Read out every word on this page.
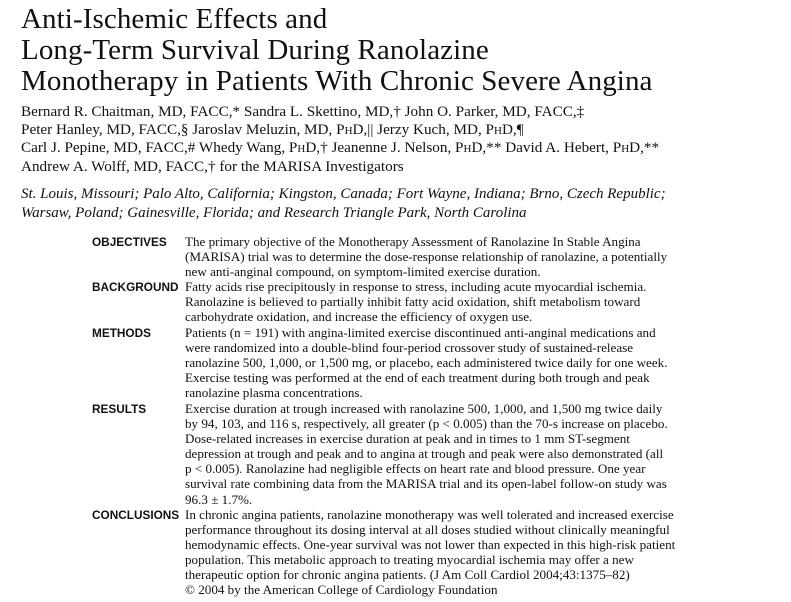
Anti-Ischemic Effects and
Long-Term Survival During Ranolazine
Monotherapy in Patients With Chronic Severe Angina
Bernard R. Chaitman, MD, FACC,* Sandra L. Skettino, MD,† John O. Parker, MD, FACC,‡
Peter Hanley, MD, FACC,§ Jaroslav Meluzin, MD, PhD,|| Jerzy Kuch, MD, PhD,¶
Carl J. Pepine, MD, FACC,# Whedy Wang, PhD,† Jeanenne J. Nelson, PhD,** David A. Hebert, PhD,**
Andrew A. Wolff, MD, FACC,† for the MARISA Investigators
St. Louis, Missouri; Palo Alto, California; Kingston, Canada; Fort Wayne, Indiana; Brno, Czech Republic;
Warsaw, Poland; Gainesville, Florida; and Research Triangle Park, North Carolina
OBJECTIVES	The primary objective of the Monotherapy Assessment of Ranolazine In Stable Angina
(MARISA) trial was to determine the dose-response relationship of ranolazine, a potentially
new anti-anginal compound, on symptom-limited exercise duration.
BACKGROUND Fatty acids rise precipitously in response to stress, including acute myocardial ischemia.
Ranolazine is believed to partially inhibit fatty acid oxidation, shift metabolism toward
carbohydrate oxidation, and increase the efficiency of oxygen use.
METHODS	Patients (n = 191) with angina-limited exercise discontinued anti-anginal medications and
were randomized into a double-blind four-period crossover study of sustained-release
ranolazine 500, 1,000, or 1,500 mg, or placebo, each administered twice daily for one week.
Exercise testing was performed at the end of each treatment during both trough and peak
ranolazine plasma concentrations.
RESULTS	Exercise duration at trough increased with ranolazine 500, 1,000, and 1,500 mg twice daily
by 94, 103, and 116 s, respectively, all greater (p < 0.005) than the 70-s increase on placebo.
Dose-related increases in exercise duration at peak and in times to 1 mm ST-segment
depression at trough and peak and to angina at trough and peak were also demonstrated (all
p < 0.005). Ranolazine had negligible effects on heart rate and blood pressure. One year
survival rate combining data from the MARISA trial and its open-label follow-on study was
96.3 ± 1.7%.
CONCLUSIONS In chronic angina patients, ranolazine monotherapy was well tolerated and increased exercise
performance throughout its dosing interval at all doses studied without clinically meaningful
hemodynamic effects. One-year survival was not lower than expected in this high-risk patient
population. This metabolic approach to treating myocardial ischemia may offer a new
therapeutic option for chronic angina patients. (J Am Coll Cardiol 2004;43:1375–82)
© 2004 by the American College of Cardiology Foundation
